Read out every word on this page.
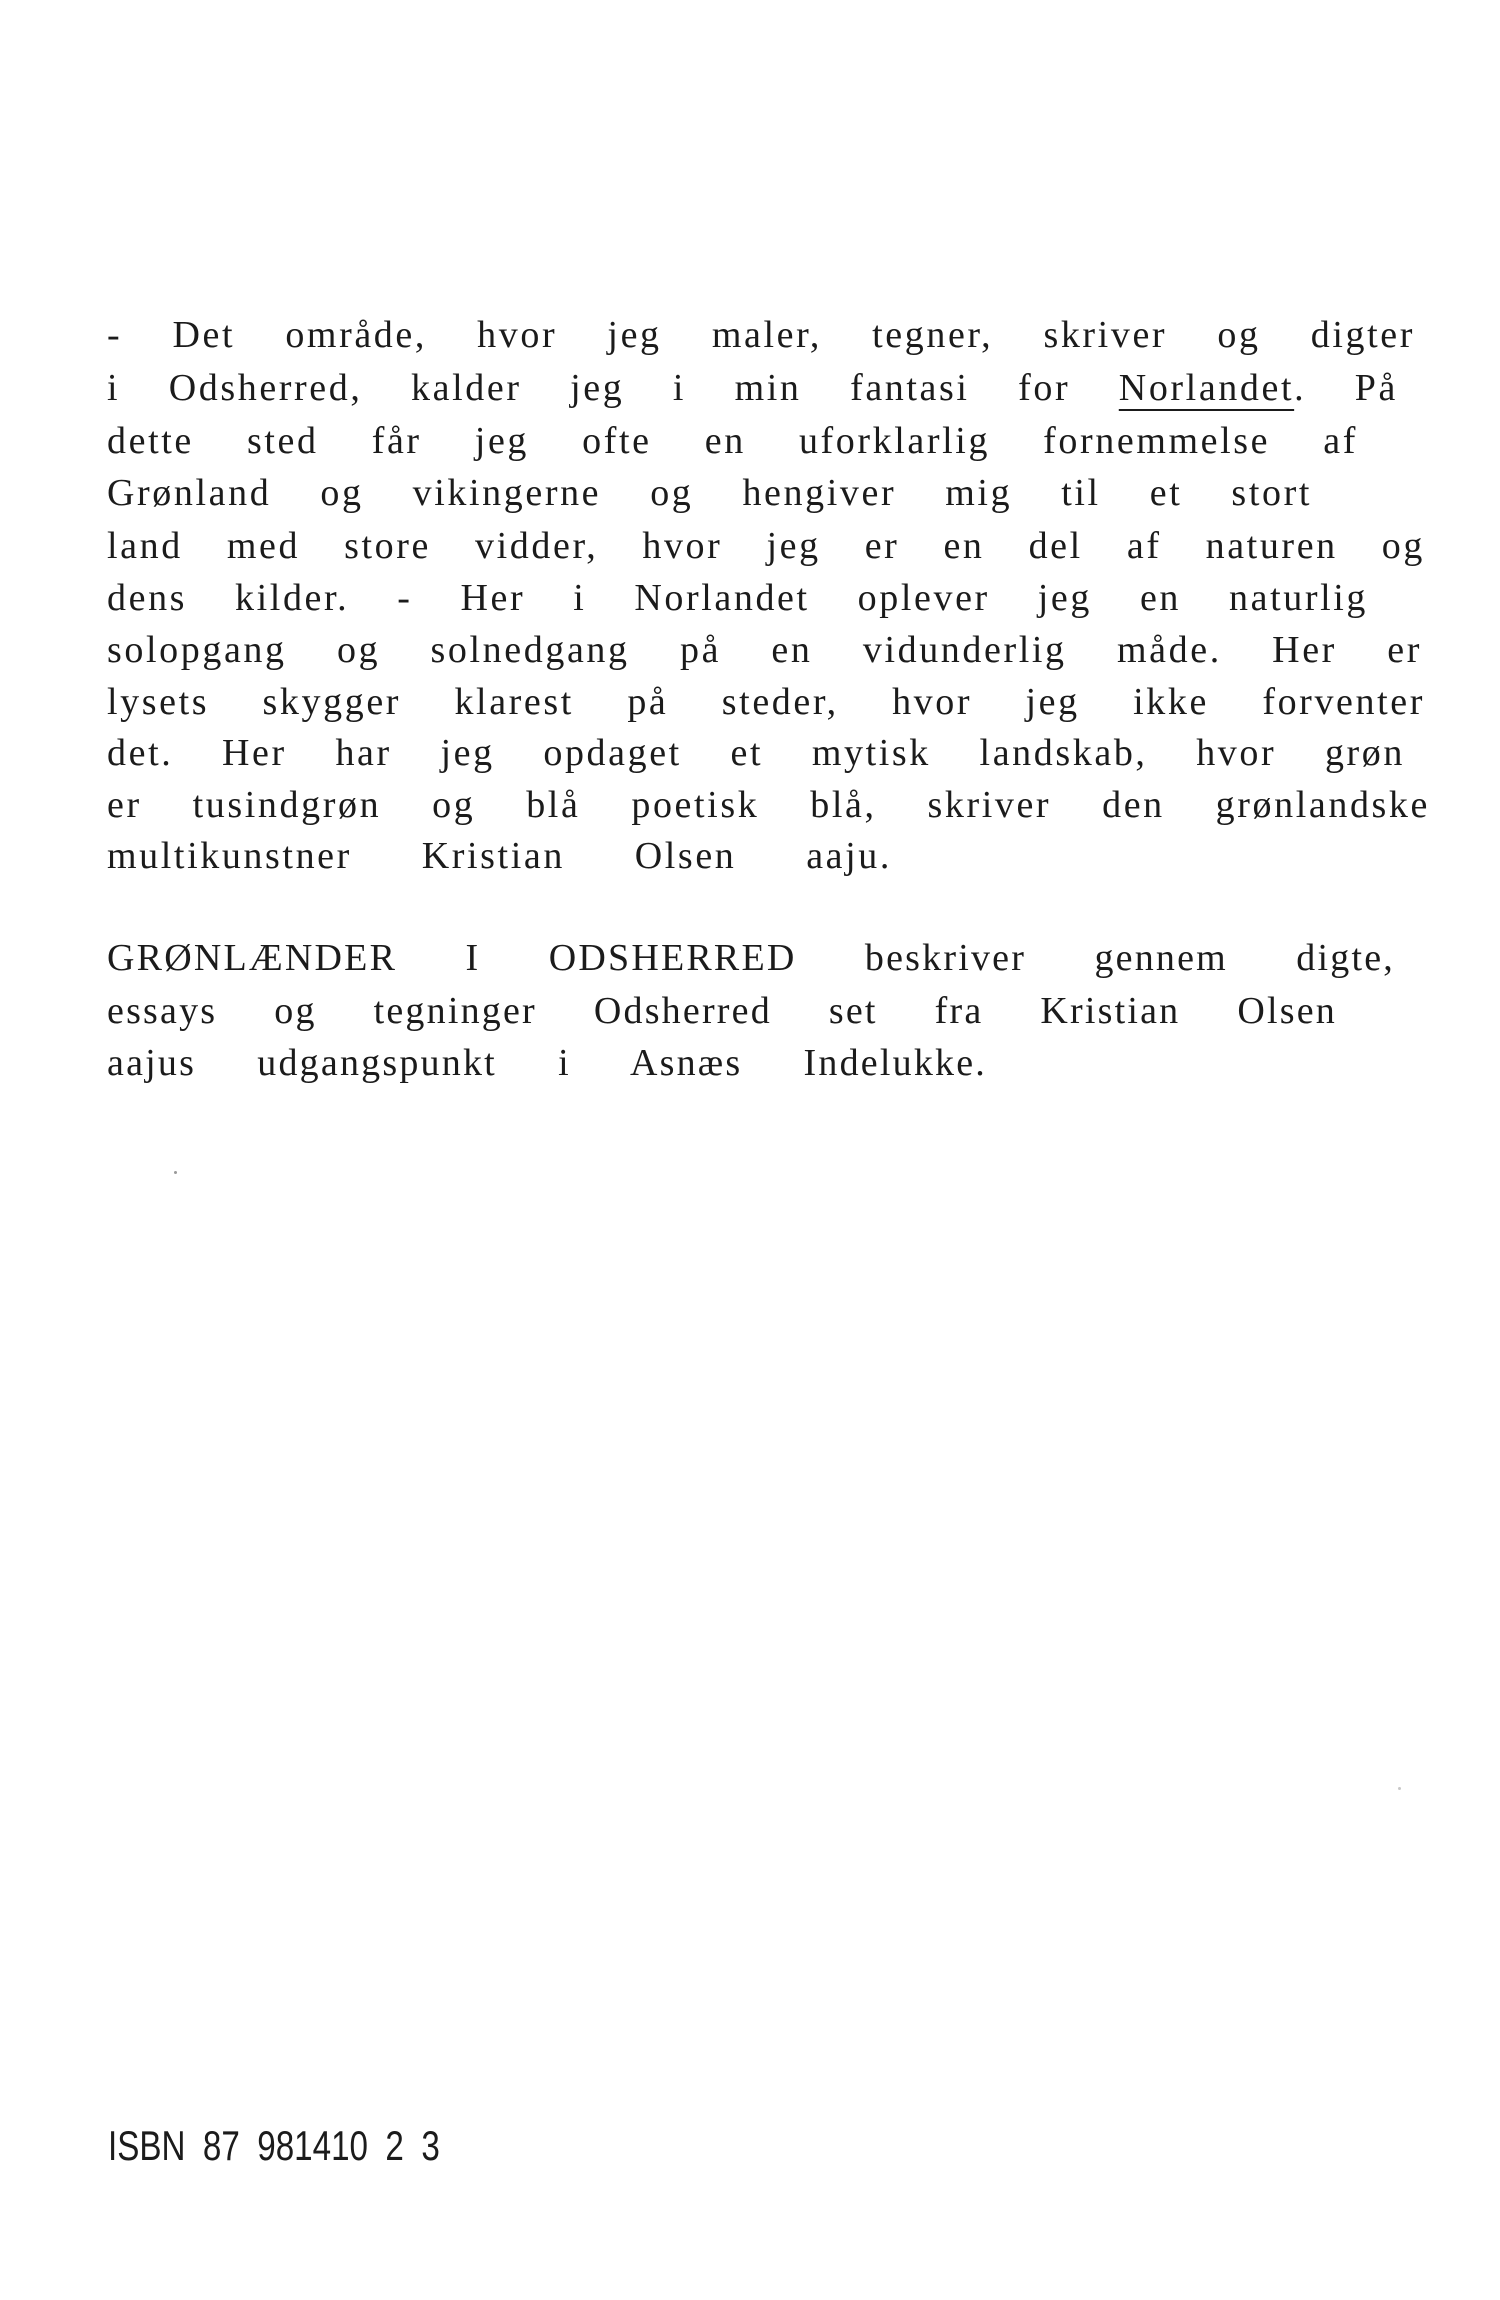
- Det område, hvor jeg maler, tegner, skriver og digter
i Odsherred, kalder jeg i min fantasi for Norlandet. På
dette sted får jeg ofte en uforklarlig fornemmelse af
Grønland og vikingerne og hengiver mig til et stort
land med store vidder, hvor jeg er en del af naturen og
dens kilder. - Her i Norlandet oplever jeg en naturlig
solopgang og solnedgang på en vidunderlig måde. Her er
lysets skygger klarest på steder, hvor jeg ikke forventer
det. Her har jeg opdaget et mytisk landskab, hvor grøn
er tusindgrøn og blå poetisk blå, skriver den grønlandske
multikunstner Kristian Olsen aaju.
GRØNLÆNDER I ODSHERRED beskriver gennem digte,
essays og tegninger Odsherred set fra Kristian Olsen
aajus udgangspunkt i Asnæs Indelukke.
ISBN 87 981410 2 3
